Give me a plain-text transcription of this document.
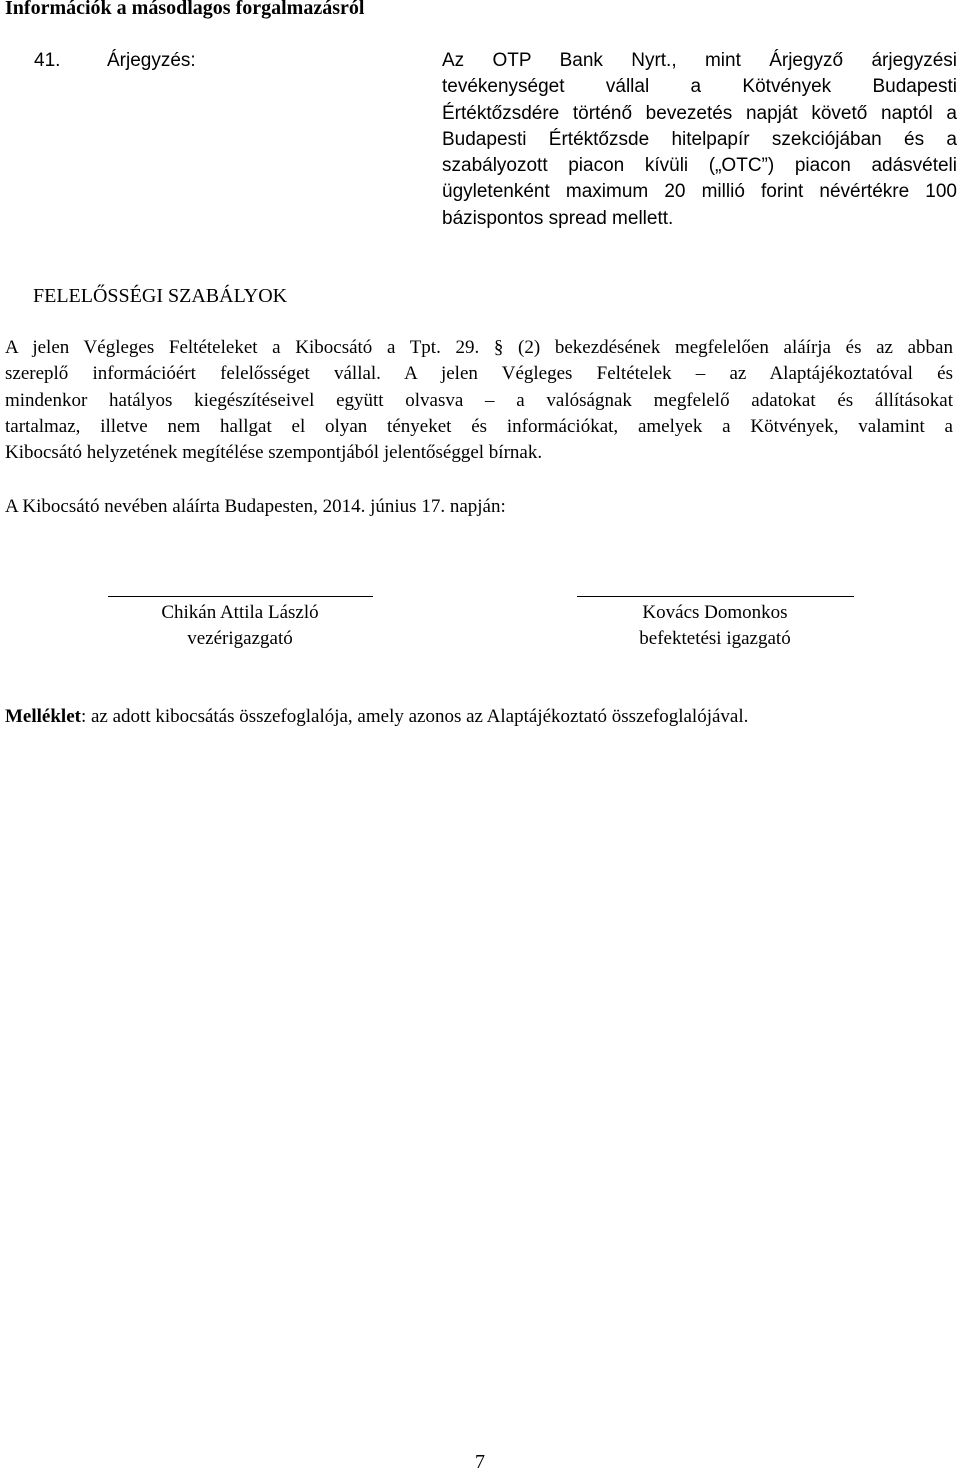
Információk a másodlagos forgalmazásról
41. Árjegyzés:	Az OTP Bank Nyrt., mint Árjegyző árjegyzési
tevékenységet vállal a Kötvények Budapesti
Értéktőzsdére történő bevezetés napját követő naptól a
Budapesti Értéktőzsde hitelpapír szekciójában és a
szabályozott piacon kívüli („OTC”) piacon adásvételi
ügyletenként maximum 20 millió forint névértékre 100
bázispontos spread mellett.
FELELŐSSÉGI SZABÁLYOK
A jelen Végleges Feltételeket a Kibocsátó a Tpt. 29. § (2) bekezdésének megfelelően aláírja és az abban
szereplő információért felelősséget vállal. A jelen Végleges Feltételek – az Alaptájékoztatóval és
mindenkor hatályos kiegészítéseivel együtt olvasva – a valóságnak megfelelő adatokat és állításokat
tartalmaz, illetve nem hallgat el olyan tényeket és információkat, amelyek a Kötvények, valamint a
Kibocsátó helyzetének megítélése szempontjából jelentőséggel bírnak.
A Kibocsátó nevében aláírta Budapesten, 2014. június 17. napján:
Chikán Attila László
vezérigazgató
Kovács Domonkos
befektetési igazgató
Melléklet: az adott kibocsátás összefoglalója, amely azonos az Alaptájékoztató összefoglalójával.
7
